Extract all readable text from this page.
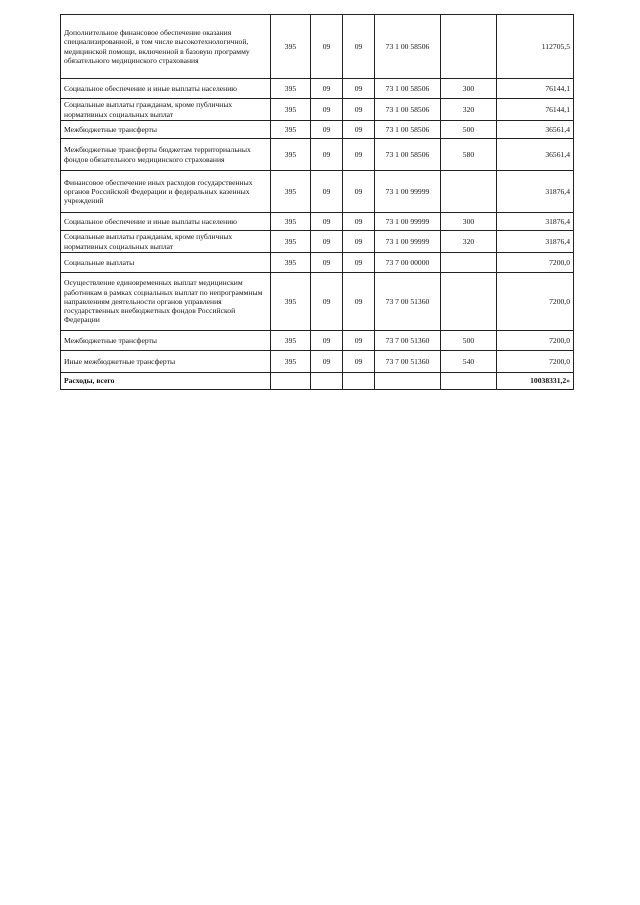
Дополнительное финансовое обеспечение оказания специализированной, в том числе высокотехнологичной, медицинской помощи, включенной в базовую программу обязательного медицинского страхования	395	09	09	73 1 00 58506		112705,5
Социальное обеспечение и иные выплаты населению	395	09	09	73 1 00 58506	300	76144,1
Социальные выплаты гражданам, кроме публичных нормативных социальных выплат	395	09	09	73 1 00 58506	320	76144,1
Межбюджетные трансферты	395	09	09	73 1 00 58506	500	36561,4
Межбюджетные трансферты бюджетам территориальных фондов обязательного медицинского страхования	395	09	09	73 1 00 58506	580	36561,4
Финансовое обеспечение иных расходов государственных органов Российской Федерации и федеральных казенных учреждений	395	09	09	73 1 00 99999		31876,4
Социальное обеспечение и иные выплаты населению	395	09	09	73 1 00 99999	300	31876,4
Социальные выплаты гражданам, кроме публичных нормативных социальных выплат	395	09	09	73 1 00 99999	320	31876,4
Социальные выплаты	395	09	09	73 7 00 00000		7200,0
Осуществление единовременных выплат медицинским работникам в рамках социальных выплат по непрограммным направлениям деятельности органов управления государственных внебюджетных фондов Российской Федерации	395	09	09	73 7 00 51360		7200,0
Межбюджетные трансферты	395	09	09	73 7 00 51360	500	7200,0
Иные межбюджетные трансферты	395	09	09	73 7 00 51360	540	7200,0
Расходы, всего						10038331,2»
